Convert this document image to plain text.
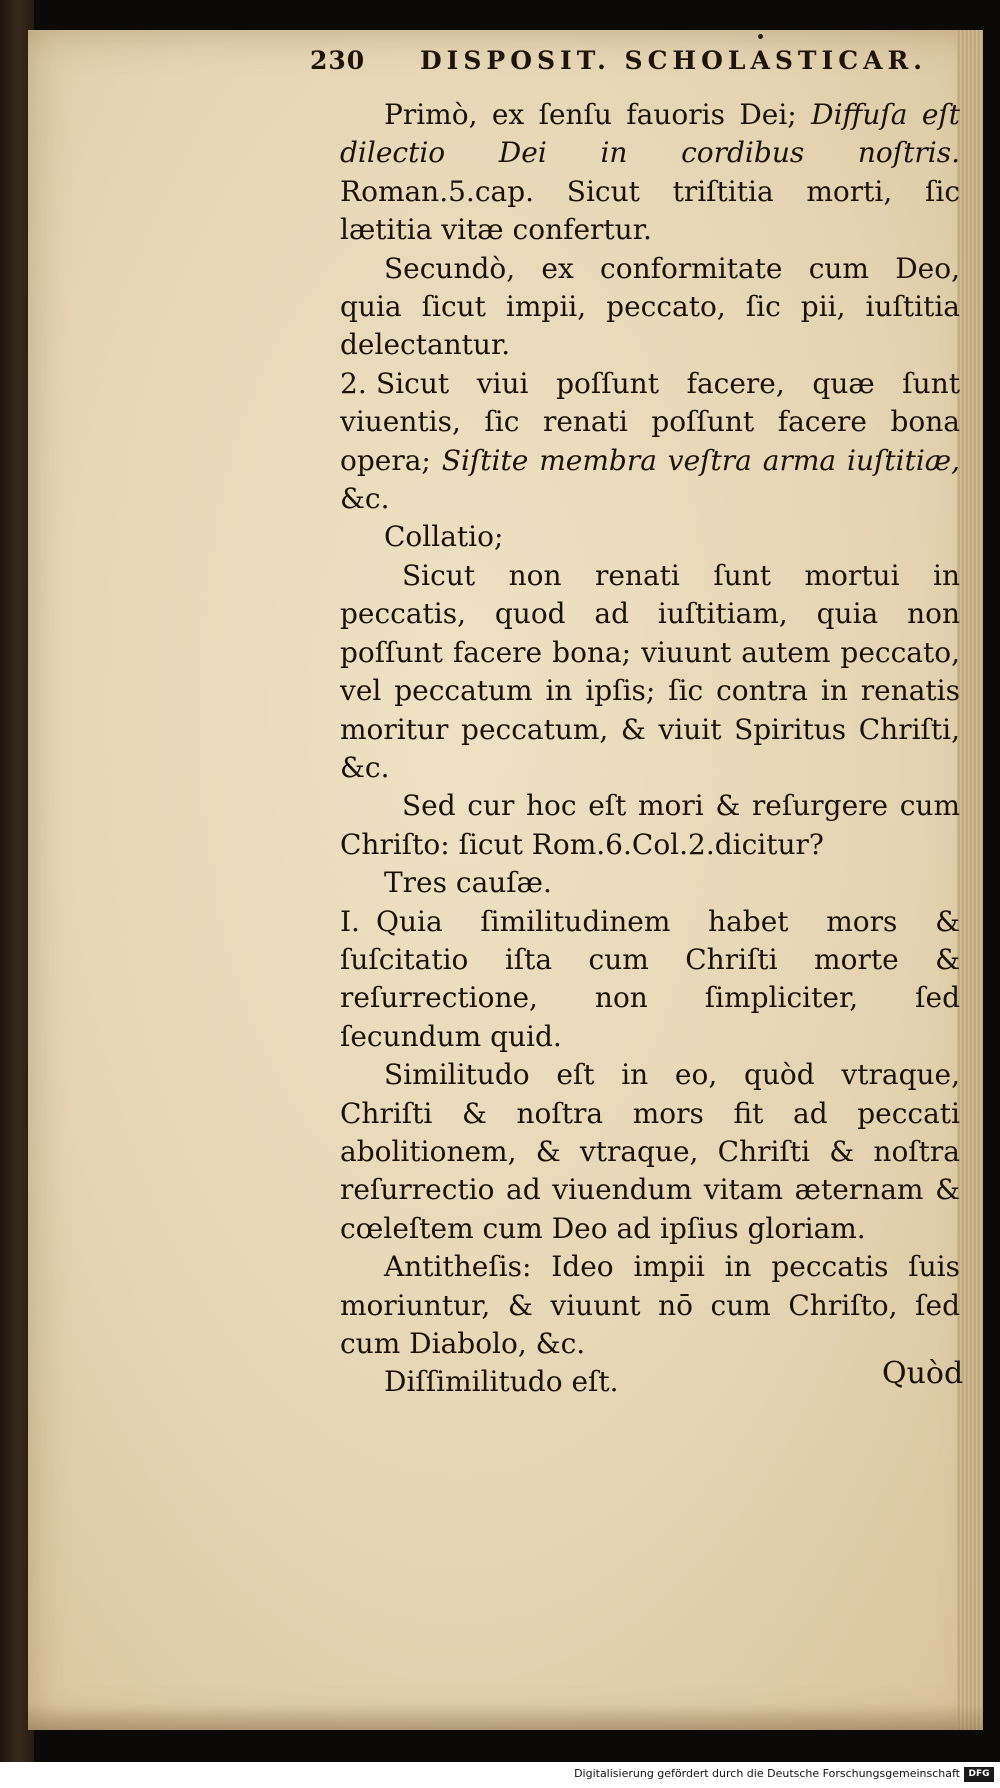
230 DISPOSIT. SCHOLASTICAR.

Primò, ex ſenſu fauoris Dei; Diffuſa eſt dilectio Dei in cordibus noſtris. Roman.5.cap. Sicut triſtitia morti, ſic lætitia vitæ confertur.

Secundò, ex conformitate cum Deo, quia ſicut impii, peccato, ſic pii, iuſtitia delectantur.

2. Sicut viui poſſunt facere, quæ ſunt viuentis, ſic renati poſſunt facere bona opera; Siſtite membra veſtra arma iuſtitiæ, &c.

Collatio;

Sicut non renati ſunt mortui in peccatis, quod ad iuſtitiam, quia non poſſunt facere bona; viuunt autem peccato, vel peccatum in ipſis; ſic contra in renatis moritur peccatum, & viuit Spiritus Chriſti, &c.

Sed cur hoc eſt mori & reſurgere cum Chriſto: ſicut Rom.6.Col.2.dicitur?

Tres cauſæ.

I. Quia ſimilitudinem habet mors & ſuſcitatio iſta cum Chriſti morte & reſurrectione, non ſimpliciter, ſed ſecundum quid.

Similitudo eſt in eo, quòd vtraque, Chriſti & noſtra mors fit ad peccati abolitionem, & vtraque, Chriſti & noſtra reſurrectio ad viuendum vitam æternam & cœleſtem cum Deo ad ipſius gloriam.

Antitheſis: Ideo impii in peccatis ſuis moriuntur, & viuunt nō cum Chriſto, ſed cum Diabolo, &c.

Diſſimilitudo eſt.	Quòd
Digitalisierung gefördert durch die Deutsche Forschungsgemeinschaft DFG
